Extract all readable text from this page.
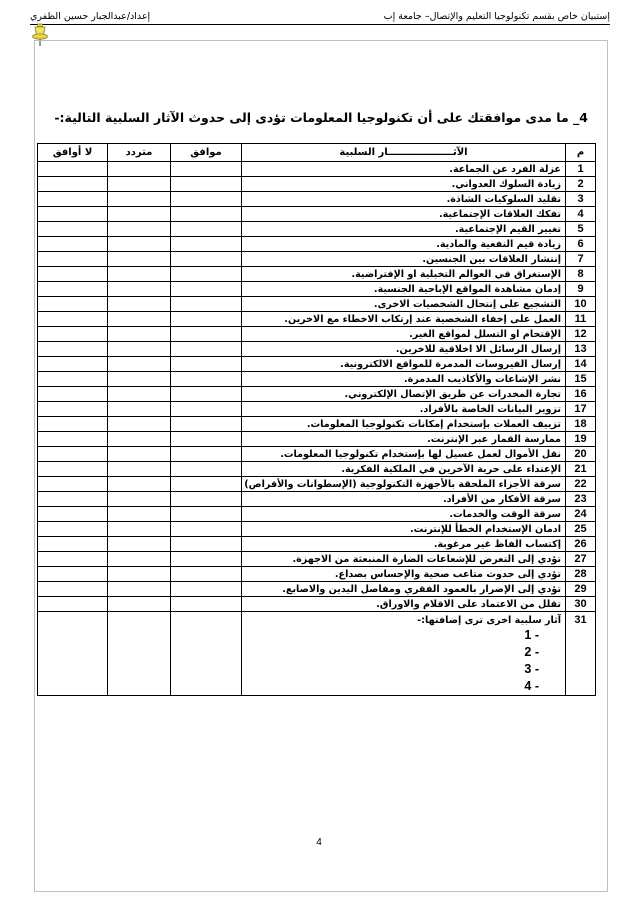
إستبيان خاص بقسم تكنولوجيا التعليم والإتصال– جامعة إب
إعداد/عبدالجبار حسين الظفري
4_ ما مدى موافقتك على أن تكنولوجيا المعلومات تؤدى إلى حدوث الآثار السلبية التالية:-
م	الآثـــــــــــــــــــار السلبية	موافق	متردد	لا أوافق
1	عزلة الفرد عن الجماعة.			
2	زيادة السلوك العدواني.			
3	تقليد السلوكيات الشاذة.			
4	تفكك العلاقات الإجتماعية.			
5	تغيير القيم الإجتماعية.			
6	زيادة قيم النفعية والمادية.			
7	إنتشار العلاقات بين الجنسين.			
8	الإستغراق في العوالم التخيلية او الإفتراضية.			
9	إدمان مشاهدة المواقع الإباحية الجنسية.			
10	التشجيع على إنتحال الشخصيات الاخرى.			
11	العمل على إخفاء الشخصية عند إرتكاب الاخطاء مع الاخرين.			
12	الإقتحام او التسلل لمواقع الغير.			
13	إرسال الرسائل الا اخلاقية للاخرين.			
14	إرسال الفيروسات المدمرة للمواقع الالكترونية.			
15	نشر الإشاعات والأكاذيب المدمرة.			
16	تجارة المخدرات عن طريق الإتصال الإلكتروني.			
17	تزوير البيانات الخاصة بالأفراد.			
18	تزييف العملات بإستخدام إمكانات تكنولوجيا المعلومات.			
19	ممارسة القمار عبر الإنترنت.			
20	نقل الأموال لعمل غسيل لها بإستخدام تكنولوجيا المعلومات.			
21	الإعتداء على حرية الآخرين في الملكية الفكرية.			
22	سرقة الأجزاء الملحقة بالأجهزة التكنولوجية (الإسطوانات والأقراص)			
23	سرقة الأفكار من الأفراد.			
24	سرقة الوقت والخدمات.			
25	ادمان الإستخدام الخطأ للإنترنت.			
26	إكتساب الفاظ غير مرغوبة.			
27	تؤدي إلى التعرض للإشعاعات الضارة المنبعثة من الاجهزة.			
28	تؤدي إلى حدوث متاعب صحية والإحساس بصداع.			
29	تؤدي إلى الإضرار بالعمود الفقري ومفاصل اليدين والاصابع.			
30	تقلل من الاعتماد على الاقلام والاوراق.			
31	آثار سلبية اخرى ترى إضافتها:-
- 1
- 2
- 3
- 4			

4
